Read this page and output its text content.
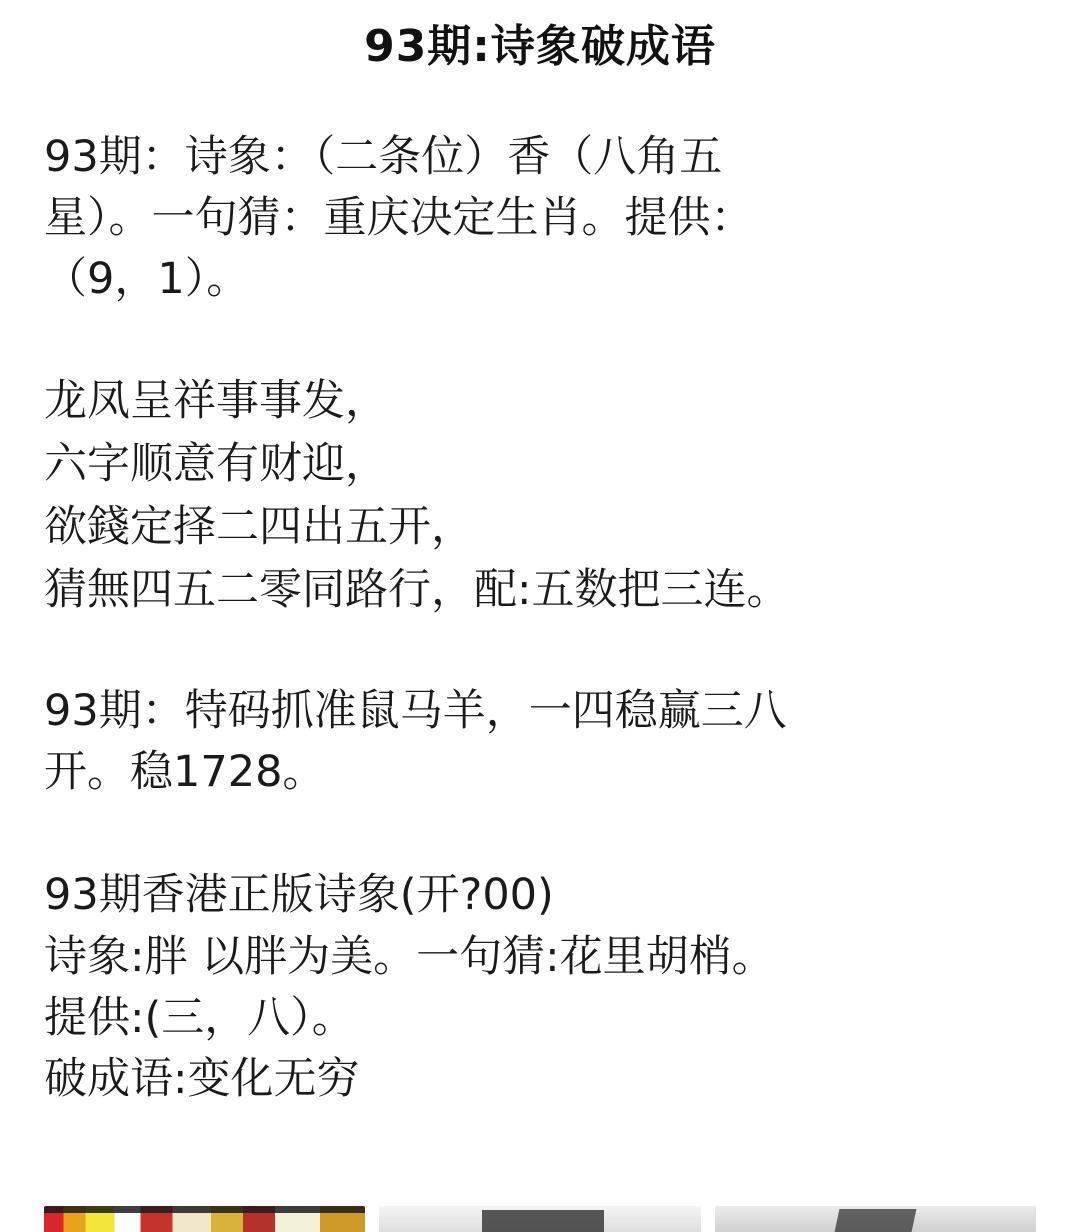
93期:诗象破成语
93期：诗象：（二条位）香（八角五
星）。一句猜：重庆决定生肖。提供：
（9，1）。
龙凤呈祥事事发，
六字顺意有财迎，
欲錢定择二四出五开，
猜無四五二零同路行，配:五数把三连。
93期：特码抓准鼠马羊，一四稳赢三八
开。稳1728。
93期香港正版诗象(开?00)
诗象:胖 以胖为美。一句猜:花里胡梢。
提供:(三，八）。
破成语:变化无穷
